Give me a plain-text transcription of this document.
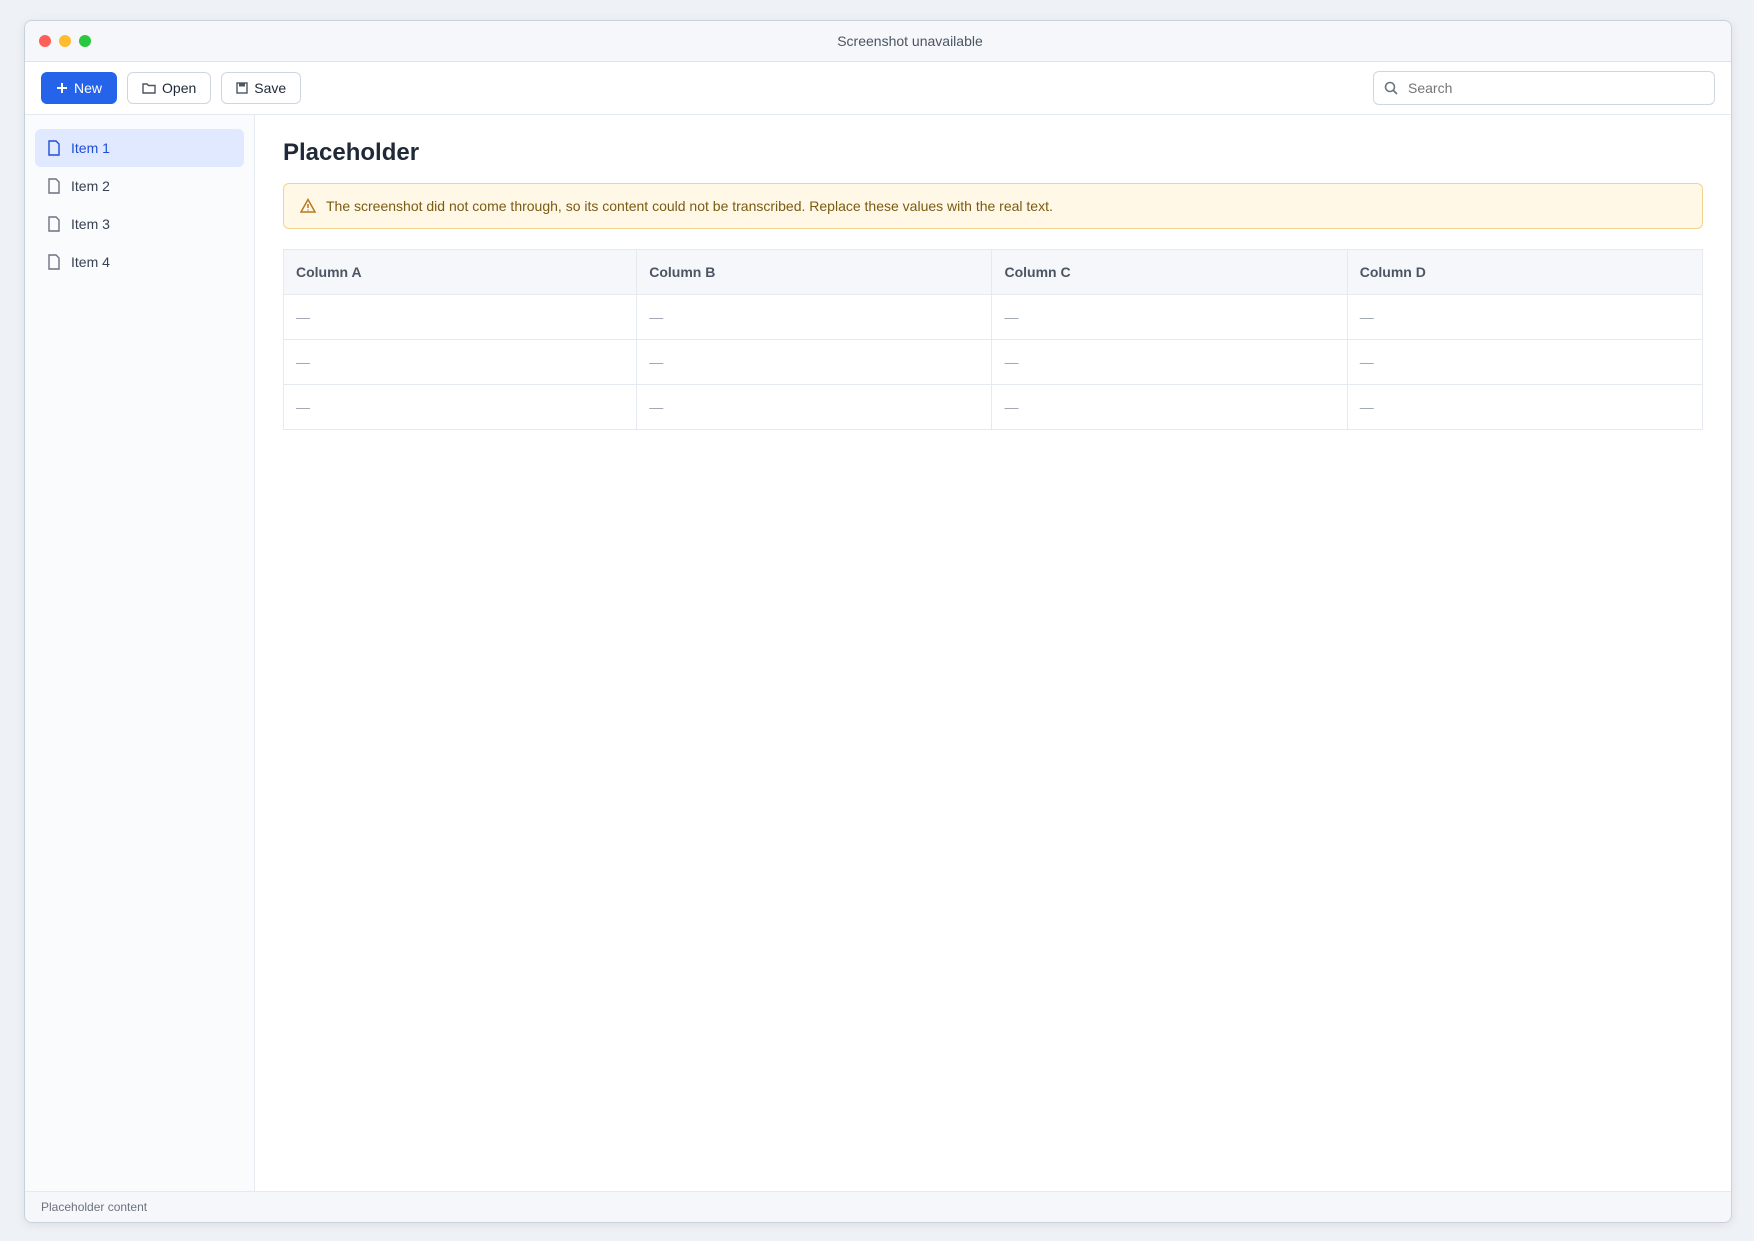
Screenshot unavailable
New	Open	Save
Search
Item 1
Item 2
Item 3
Item 4
Placeholder
The screenshot did not come through, so its content could not be transcribed. Replace these values with the real text.
Column A	Column B	Column C	Column D
—	—	—	—
—	—	—	—
—	—	—	—
Placeholder content
